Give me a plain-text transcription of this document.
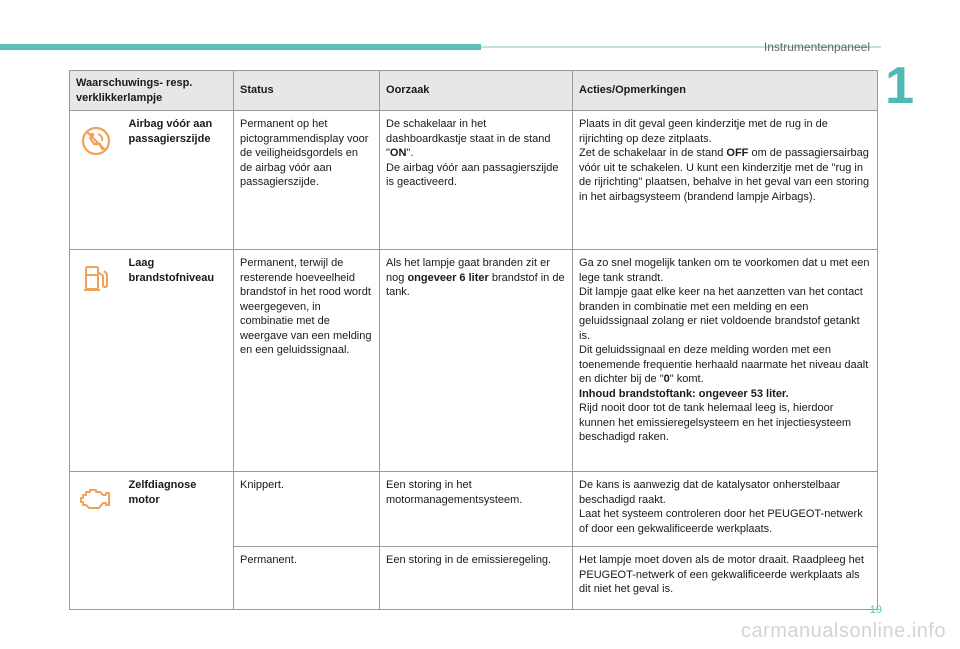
Instrumentenpaneel
1
Waarschuwings- resp. verklikkerlampje		Status	Oorzaak	Acties/Opmerkingen
	Airbag vóór aan passagierszijde	Permanent op het pictogrammendisplay voor de veiligheidsgordels en de airbag vóór aan passagierszijde.	De schakelaar in het dashboardkastje staat in de stand "ON".
De airbag vóór aan passagierszijde is geactiveerd.	Plaats in dit geval geen kinderzitje met de rug in de rijrichting op deze zitplaats.
Zet de schakelaar in de stand OFF om de passagiersairbag vóór uit te schakelen. U kunt een kinderzitje met de "rug in de rijrichting" plaatsen, behalve in het geval van een storing in het airbagsysteem (brandend lampje Airbags).
	Laag brandstofniveau	Permanent, terwijl de resterende hoeveelheid brandstof in het rood wordt weergegeven, in combinatie met de weergave van een melding en een geluidssignaal.	Als het lampje gaat branden zit er nog ongeveer 6 liter brandstof in de tank.	Ga zo snel mogelijk tanken om te voorkomen dat u met een lege tank strandt.
Dit lampje gaat elke keer na het aanzetten van het contact branden in combinatie met een melding en een geluidssignaal zolang er niet voldoende brandstof getankt is.
Dit geluidssignaal en deze melding worden met een toenemende frequentie herhaald naarmate het niveau daalt en dichter bij de "0" komt.
Inhoud brandstoftank: ongeveer 53 liter.
Rijd nooit door tot de tank helemaal leeg is, hierdoor kunnen het emissieregelsysteem en het injectiesysteem beschadigd raken.
	Zelfdiagnose motor	Knippert.	Een storing in het motormanagementsysteem.	De kans is aanwezig dat de katalysator onherstelbaar beschadigd raakt.
Laat het systeem controleren door het PEUGEOT-netwerk of door een gekwalificeerde werkplaats.
		Permanent.	Een storing in de emissieregeling.	Het lampje moet doven als de motor draait. Raadpleeg het PEUGEOT-netwerk of een gekwalificeerde werkplaats als dit niet het geval is.
19
carmanualsonline.info
